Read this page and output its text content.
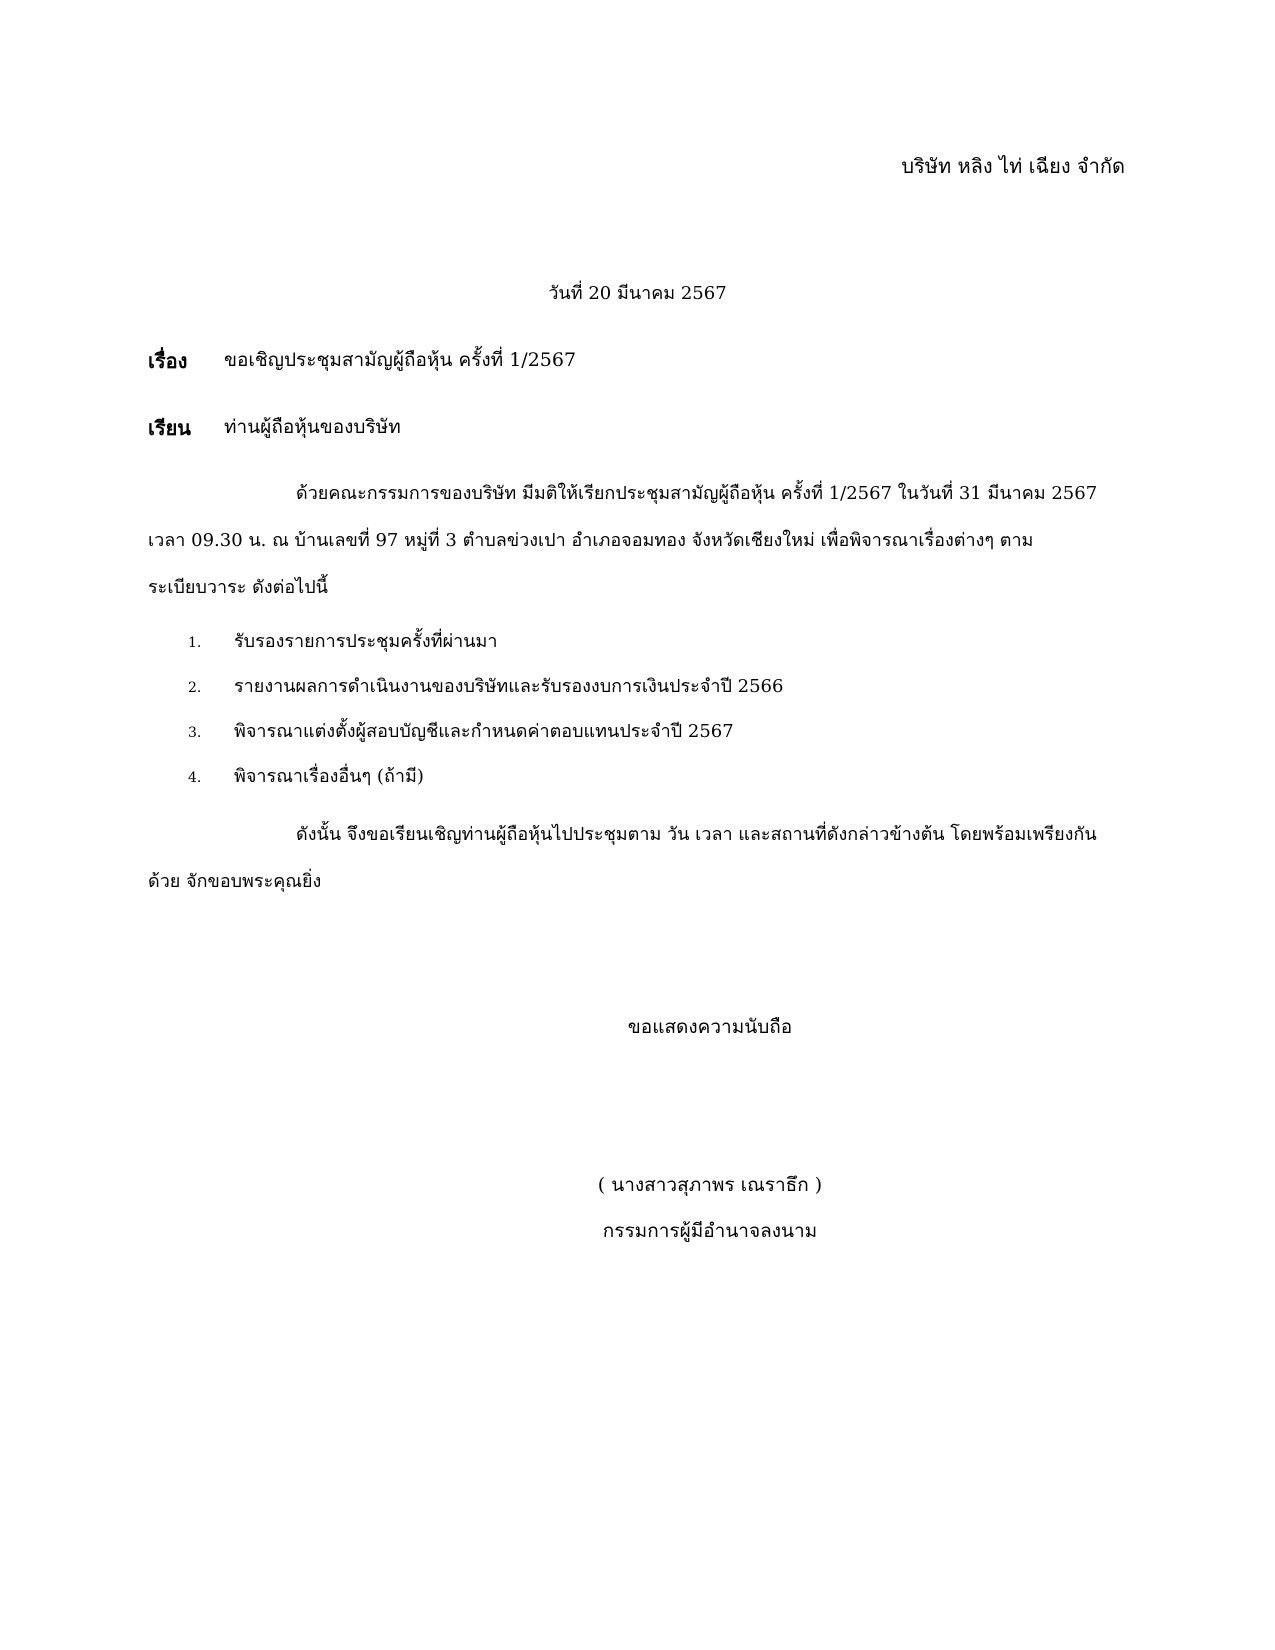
บริษัท หลิง ไท่ เฉียง จำกัด
วันที่ 20 มีนาคม 2567
เรื่อง ขอเชิญประชุมสามัญผู้ถือหุ้น ครั้งที่ 1/2567
เรียน ท่านผู้ถือหุ้นของบริษัท
ด้วยคณะกรรมการของบริษัท มีมติให้เรียกประชุมสามัญผู้ถือหุ้น ครั้งที่ 1/2567 ในวันที่ 31 มีนาคม 2567 เวลา 09.30 น. ณ บ้านเลขที่ 97 หมู่ที่ 3 ตำบลข่วงเปา อำเภอจอมทอง จังหวัดเชียงใหม่ เพื่อพิจารณาเรื่องต่างๆ ตามระเบียบวาระ ดังต่อไปนี้
1.	รับรองรายการประชุมครั้งที่ผ่านมา
2.	รายงานผลการดำเนินงานของบริษัทและรับรองงบการเงินประจำปี 2566
3.	พิจารณาแต่งตั้งผู้สอบบัญชีและกำหนดค่าตอบแทนประจำปี 2567
4.	พิจารณาเรื่องอื่นๆ (ถ้ามี)
ดังนั้น จึงขอเรียนเชิญท่านผู้ถือหุ้นไปประชุมตาม วัน เวลา และสถานที่ดังกล่าวข้างต้น โดยพร้อมเพรียงกัน ด้วย จักขอบพระคุณยิ่ง
ขอแสดงความนับถือ
( นางสาวสุภาพร เณราธึก )
กรรมการผู้มีอำนาจลงนาม
